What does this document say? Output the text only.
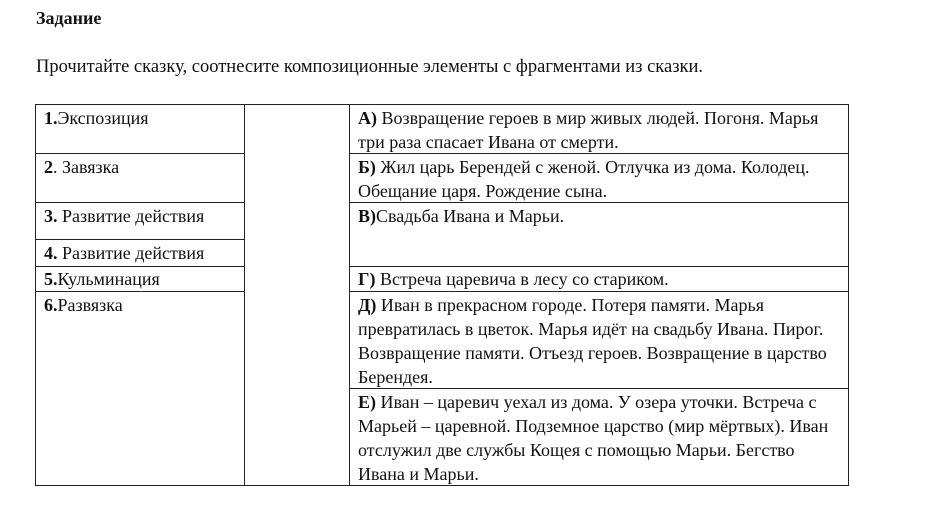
Задание

Прочитайте сказку, соотнесите композиционные элементы с фрагментами из сказки.

1.Экспозиция
2. Завязка
3. Развитие действия
4. Развитие действия
5.Кульминация
6.Развязка
А) Возвращение героев в мир живых людей. Погоня. Марья три раза спасает Ивана от смерти.
Б) Жил царь Берендей с женой. Отлучка из дома. Колодец. Обещание царя. Рождение сына.
В)Свадьба Ивана и Марьи.
Г) Встреча царевича в лесу со стариком.
Д) Иван в прекрасном городе. Потеря памяти. Марья превратилась в цветок. Марья идёт на свадьбу Ивана. Пирог. Возвращение памяти. Отъезд героев. Возвращение в царство Берендея.
Е) Иван – царевич уехал из дома. У озера уточки. Встреча с Марьей – царевной. Подземное царство (мир мёртвых). Иван отслужил две службы Кощея с помощью Марьи. Бегство Ивана и Марьи.
